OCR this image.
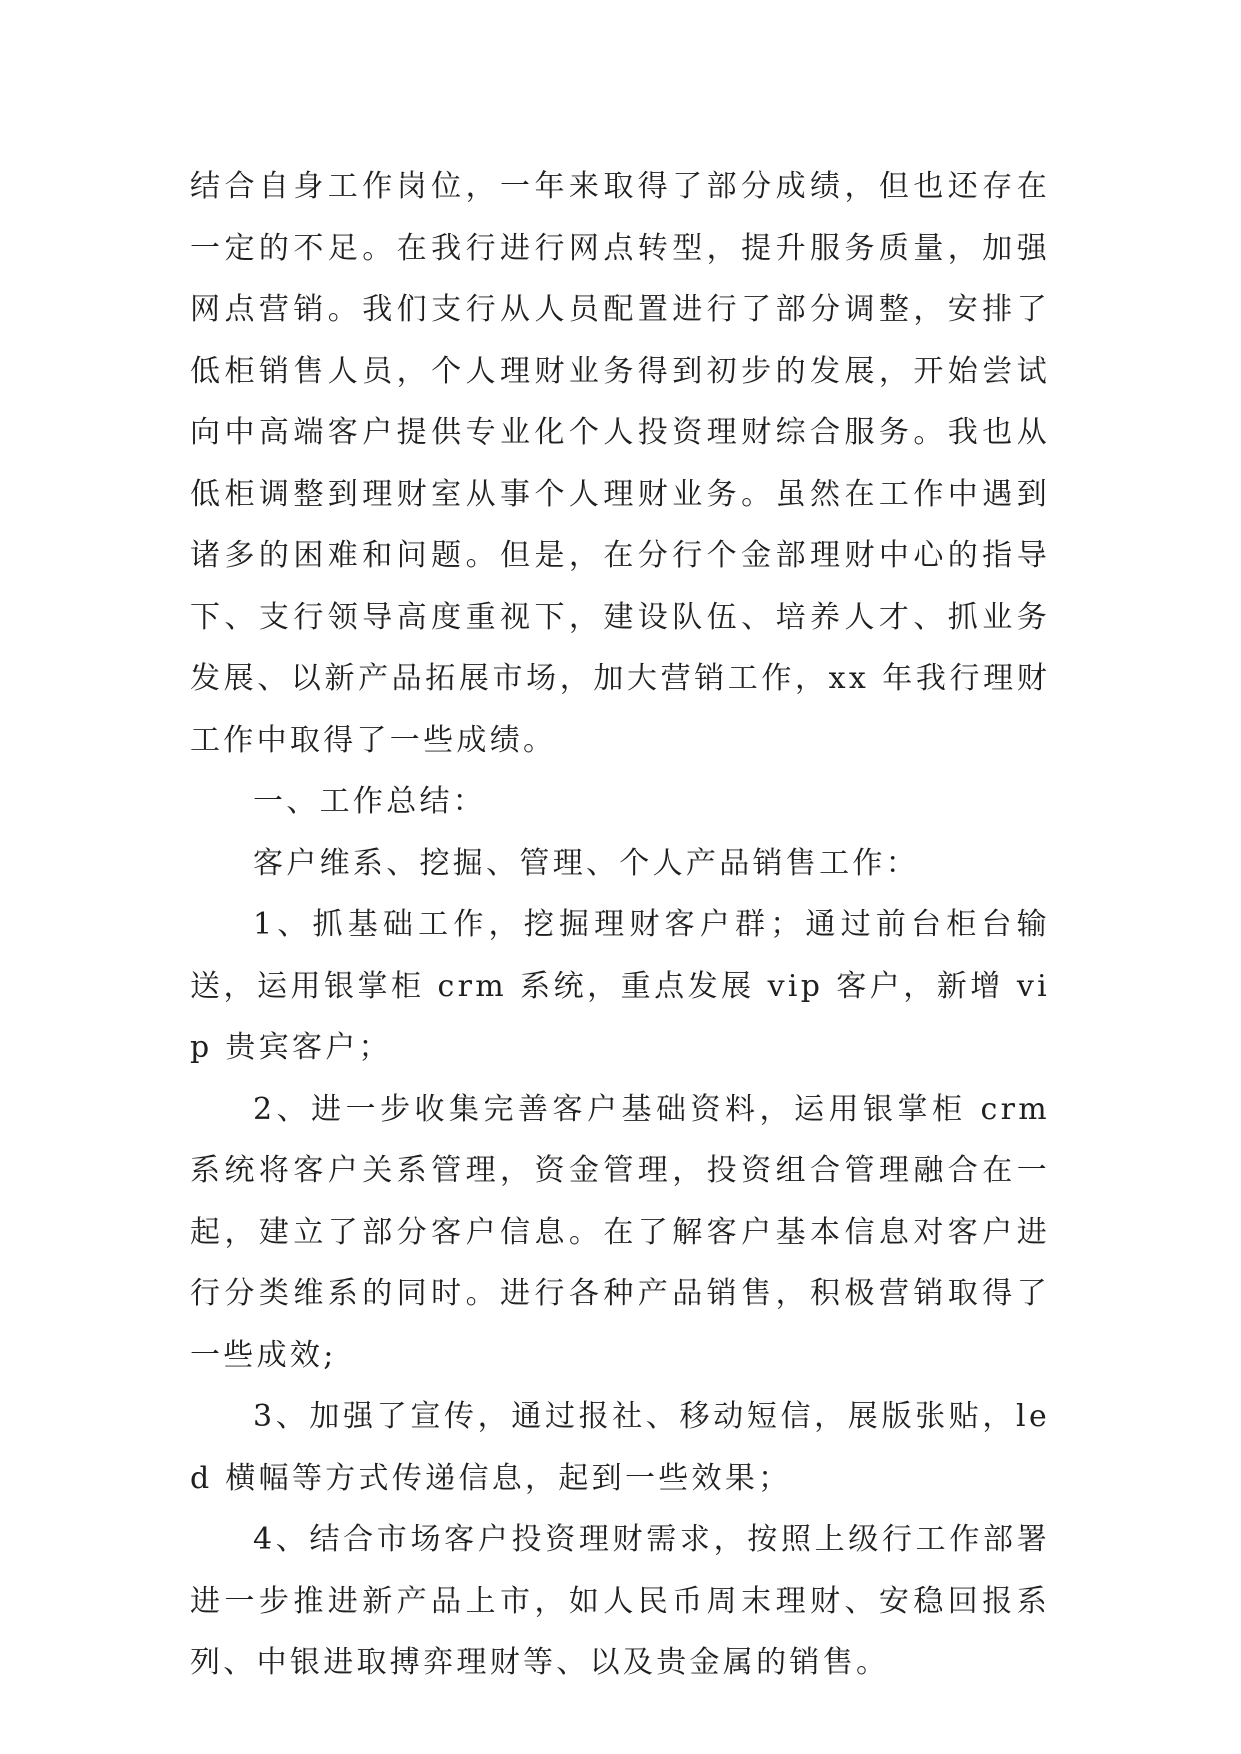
结合自身工作岗位，一年来取得了部分成绩，但也还存在一定的不足。在我行进行网点转型，提升服务质量，加强网点营销。我们支行从人员配置进行了部分调整，安排了低柜销售人员，个人理财业务得到初步的发展，开始尝试向中高端客户提供专业化个人投资理财综合服务。我也从低柜调整到理财室从事个人理财业务。虽然在工作中遇到诸多的困难和问题。但是，在分行个金部理财中心的指导下、支行领导高度重视下，建设队伍、培养人才、抓业务发展、以新产品拓展市场，加大营销工作，xx 年我行理财工作中取得了一些成绩。

一、工作总结：

客户维系、挖掘、管理、个人产品销售工作：

1、抓基础工作，挖掘理财客户群；通过前台柜台输送，运用银掌柜 crm 系统，重点发展 vip 客户，新增 vip 贵宾客户；

2、进一步收集完善客户基础资料，运用银掌柜 crm 系统将客户关系管理，资金管理，投资组合管理融合在一起，建立了部分客户信息。在了解客户基本信息对客户进行分类维系的同时。进行各种产品销售，积极营销取得了一些成效;

3、加强了宣传，通过报社、移动短信，展版张贴，led 横幅等方式传递信息，起到一些效果；

4、结合市场客户投资理财需求，按照上级行工作部署进一步推进新产品上市，如人民币周末理财、安稳回报系列、中银进取搏弈理财等、以及贵金属的销售。
